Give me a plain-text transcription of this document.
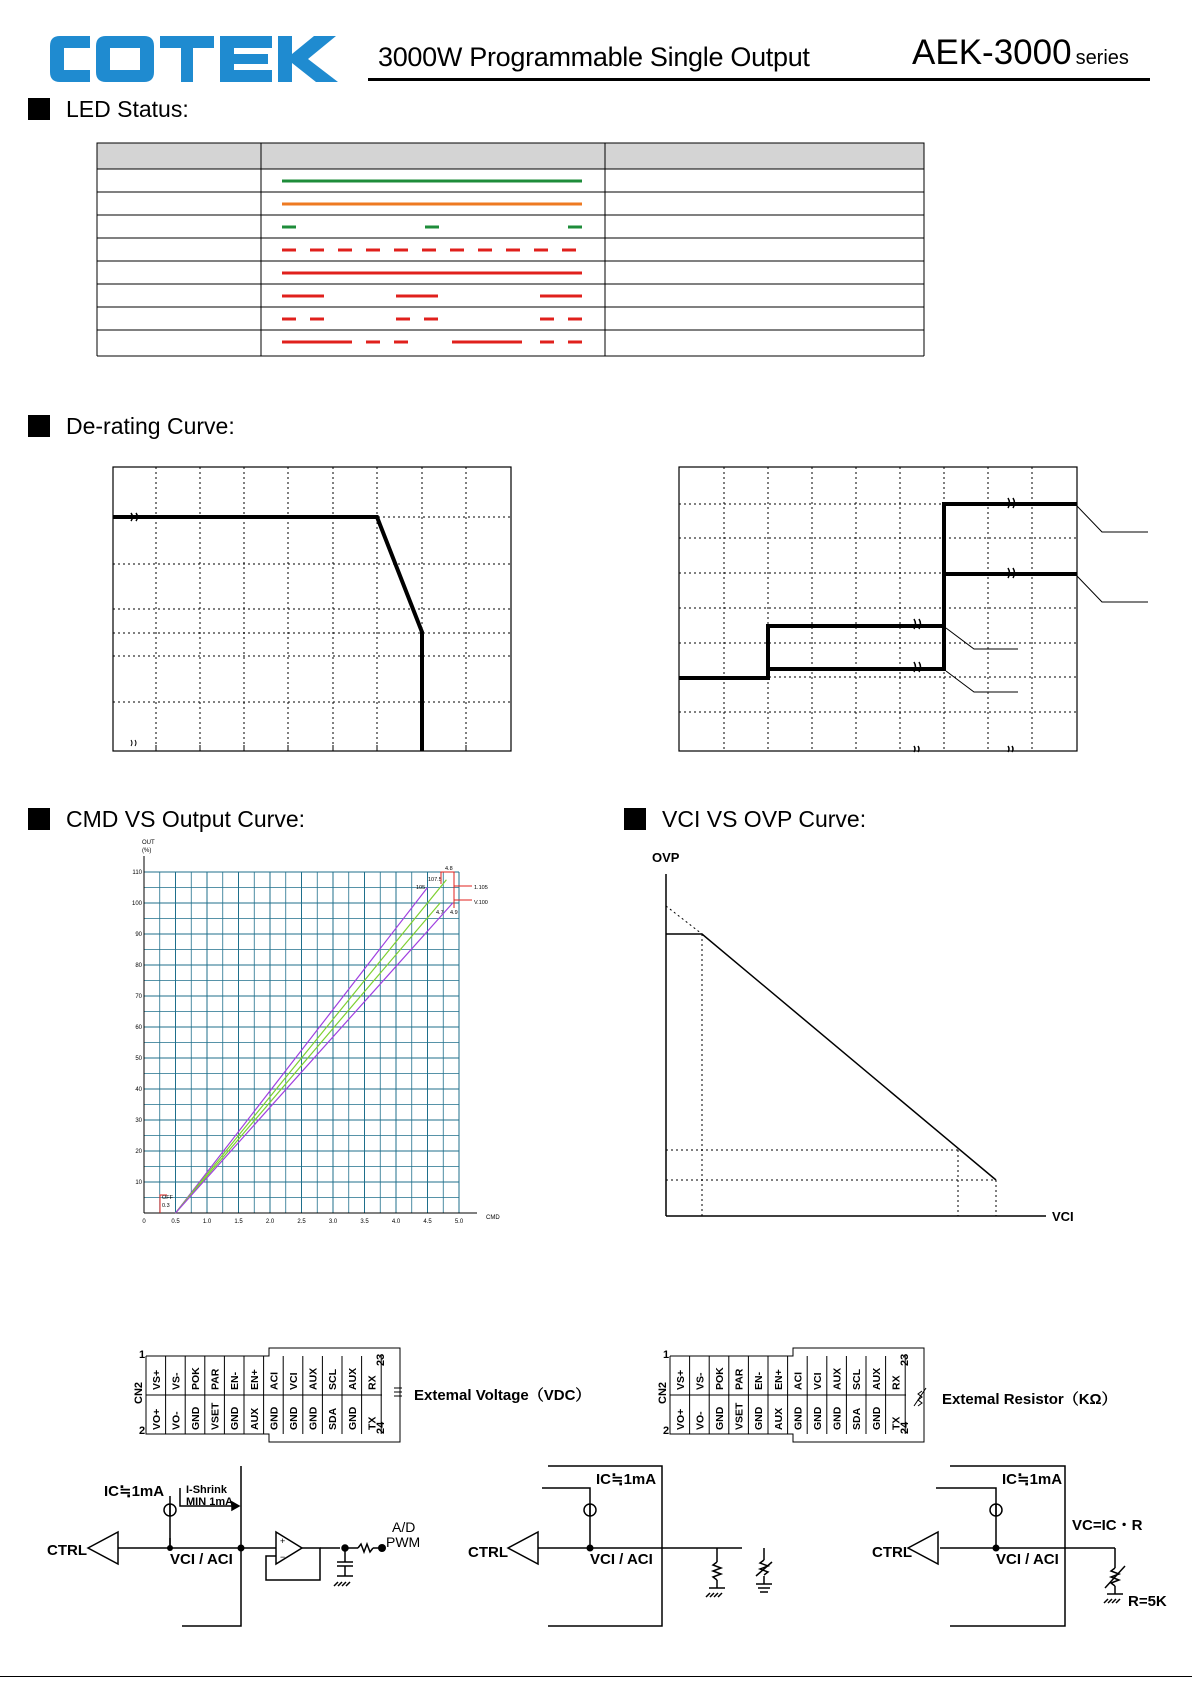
3000W Programmable Single Output	AEK-3000 series
LED Status:
De-rating Curve:
CMD VS Output Curve:
0	0.5	1.0	1.5	2.0	2.5	3.0	3.5	4.0	4.5	5.0
10
20
30
40
50
60
70
80
90
100
110
OUT
(%)
CMD
OFF
0.3
4.8
107.5
105	1.105
4.7 4.9
V.100
VCI VS OVP Curve:
OVP
VCI
1
2
CN2
23
24
VS+ VS- POK PAR EN- EN+ ACI VCI AUX SCL AUX RX
VO+ VO- GND VSET GND AUX GND GND GND SDA GND TX
Extemal Voltage（VDC）
1
2
CN2
23
24
VS+ VS- POK PAR EN- EN+ ACI VCI AUX SCL AUX RX
VO+ VO- GND VSET GND AUX GND GND GND SDA GND TX
Extemal Resistor（KΩ）
+
−
IC≒1mA I-Shrink
MIN 1mA
CTRL
VCI / ACI
A/D
PWM
IC≒1mA
CTRL	VCI / ACI
IC≒1mA
CTRL	VCI / ACI
VC=IC・R
R=5K
